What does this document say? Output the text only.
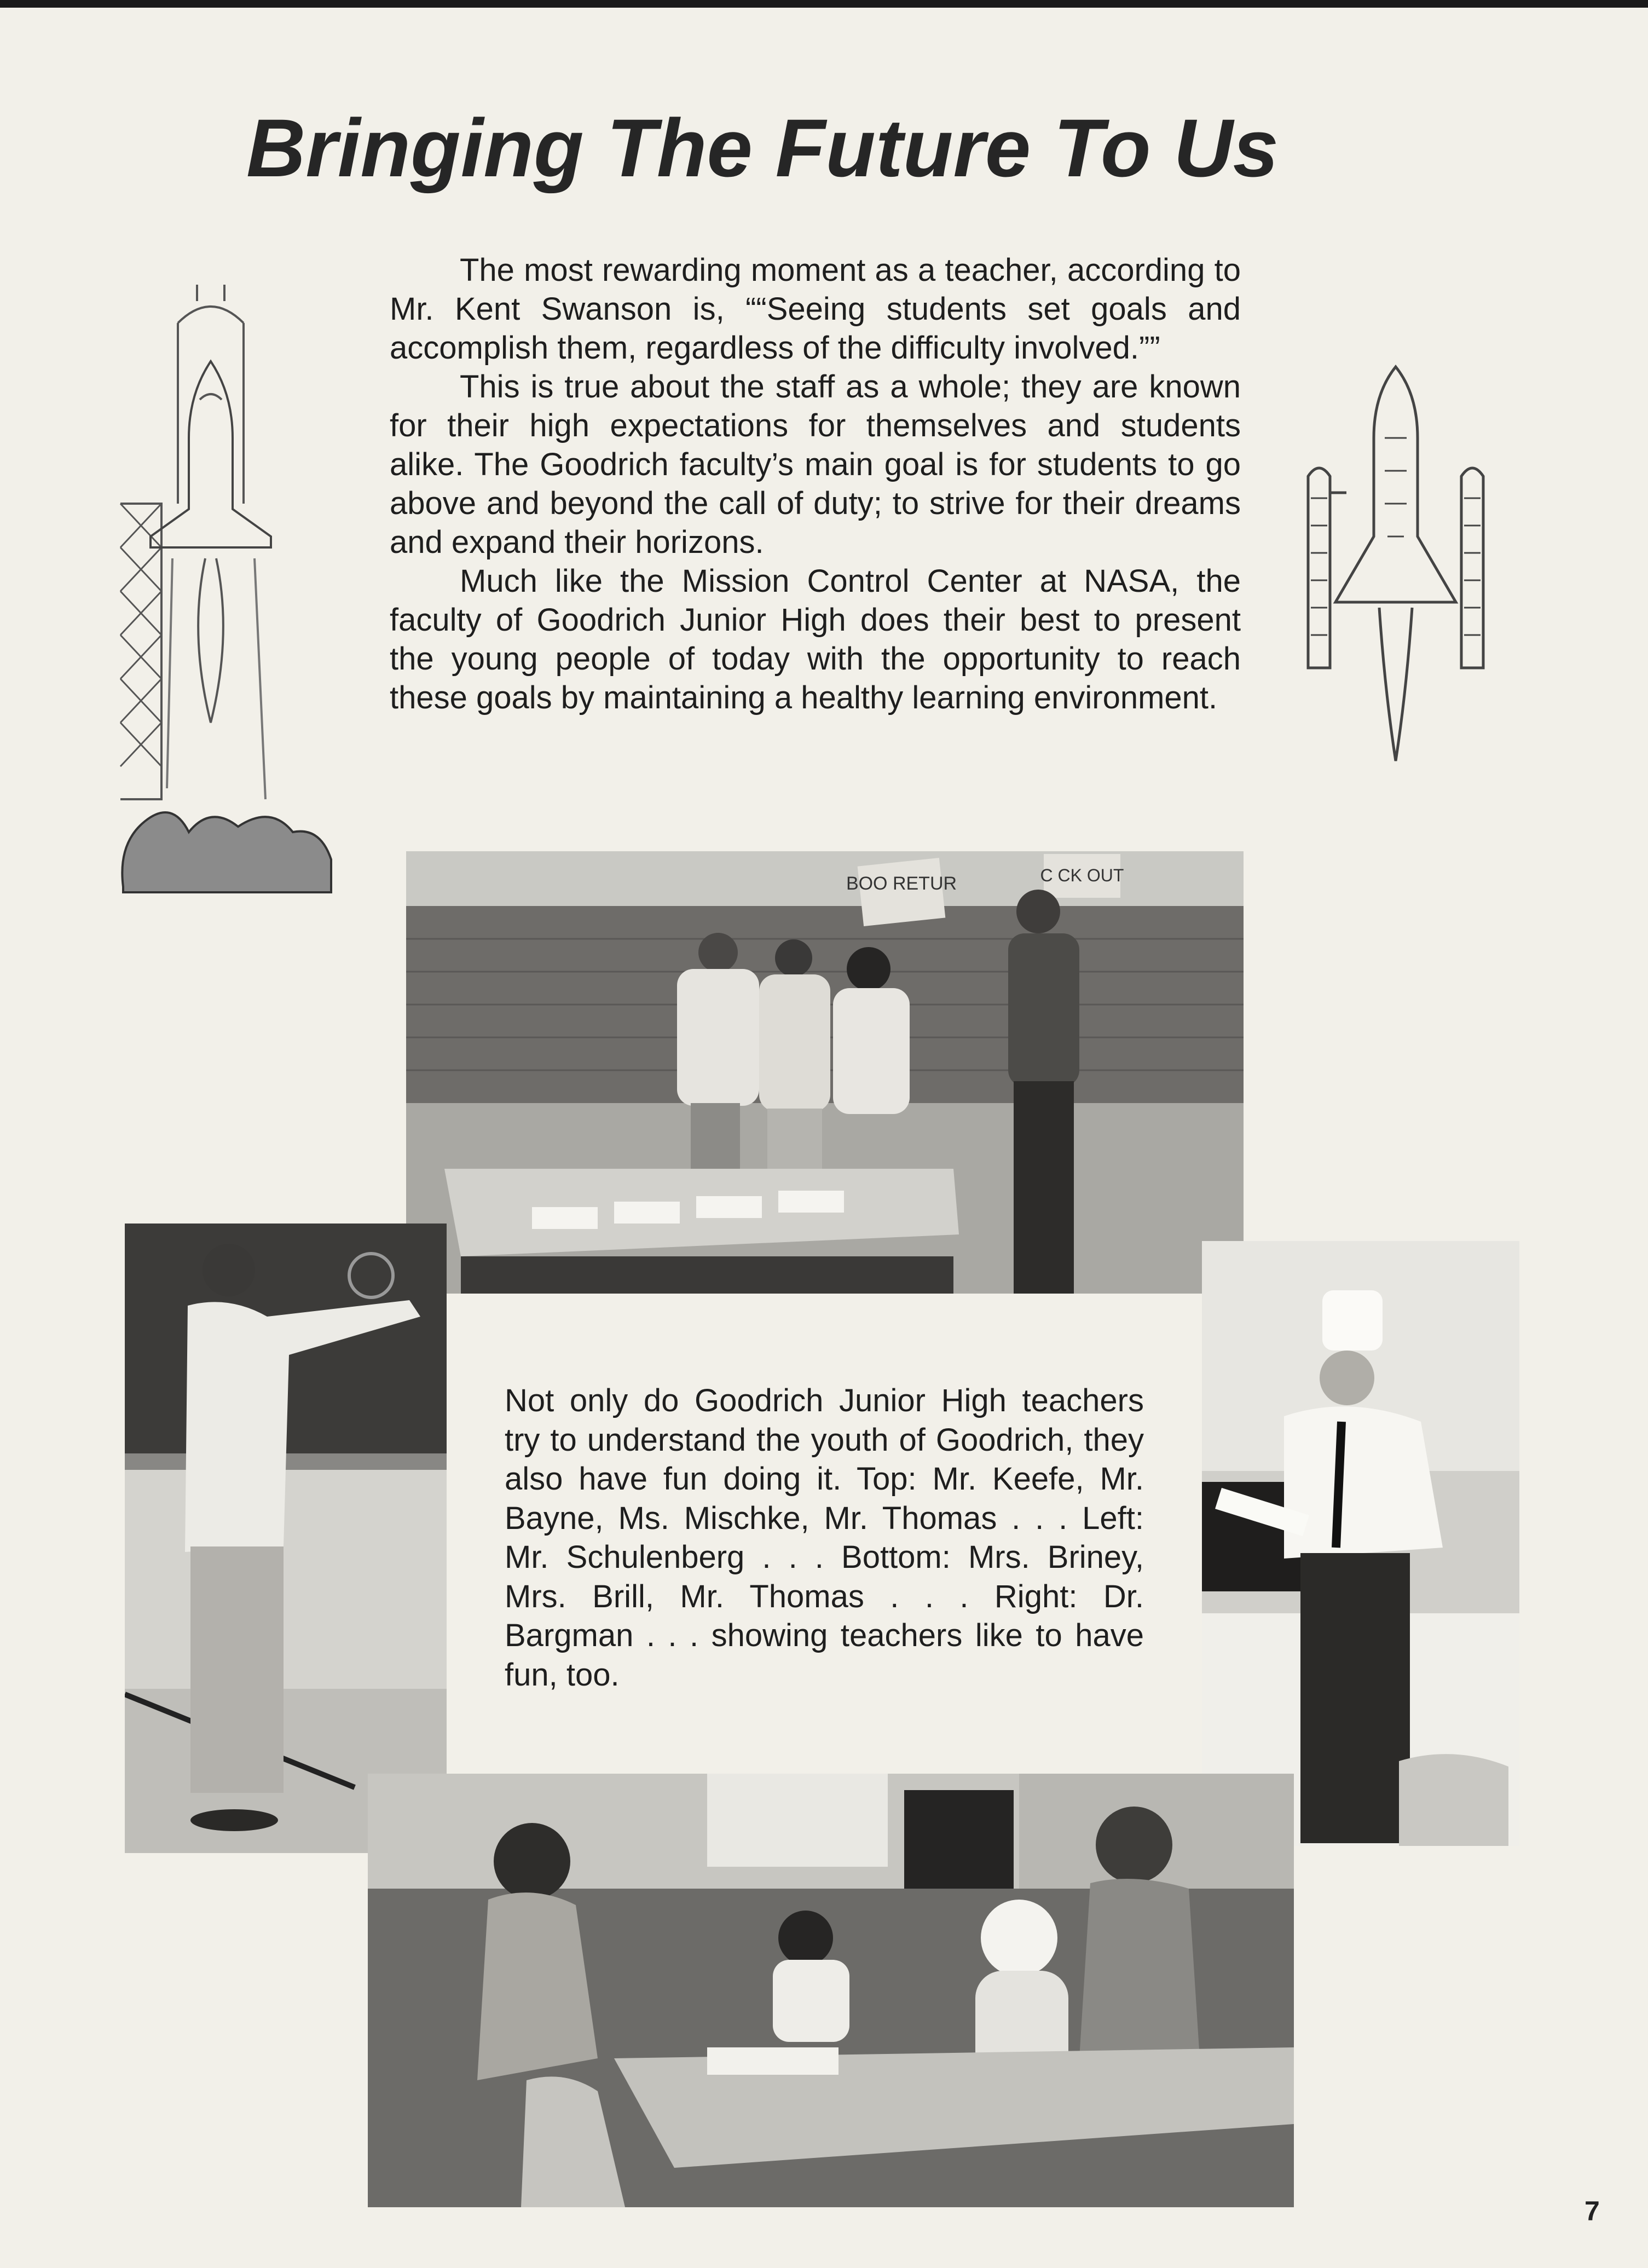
Bringing The Future To Us

The most rewarding moment as a teacher, according to Mr. Kent Swanson is, ““Seeing students set goals and accomplish them, regardless of the difficulty involved.””

This is true about the staff as a whole; they are known for their high expectations for themselves and students alike. The Goodrich faculty’s main goal is for students to go above and beyond the call of duty; to strive for their dreams and expand their horizons.

Much like the Mission Control Center at NASA, the faculty of Goodrich Junior High does their best to present the young people of today with the opportunity to reach these goals by maintaining a healthy learning environment.

BOO RETUR	C CK OUT
Not only do Goodrich Junior High teachers try to understand the youth of Goodrich, they also have fun doing it. Top: Mr. Keefe, Mr. Bayne, Ms. Mischke, Mr. Thomas . . . Left: Mr. Schulenberg . . . Bottom: Mrs. Briney, Mrs. Brill, Mr. Thomas . . . Right: Dr. Bargman . . . showing teachers like to have fun, too.
7
